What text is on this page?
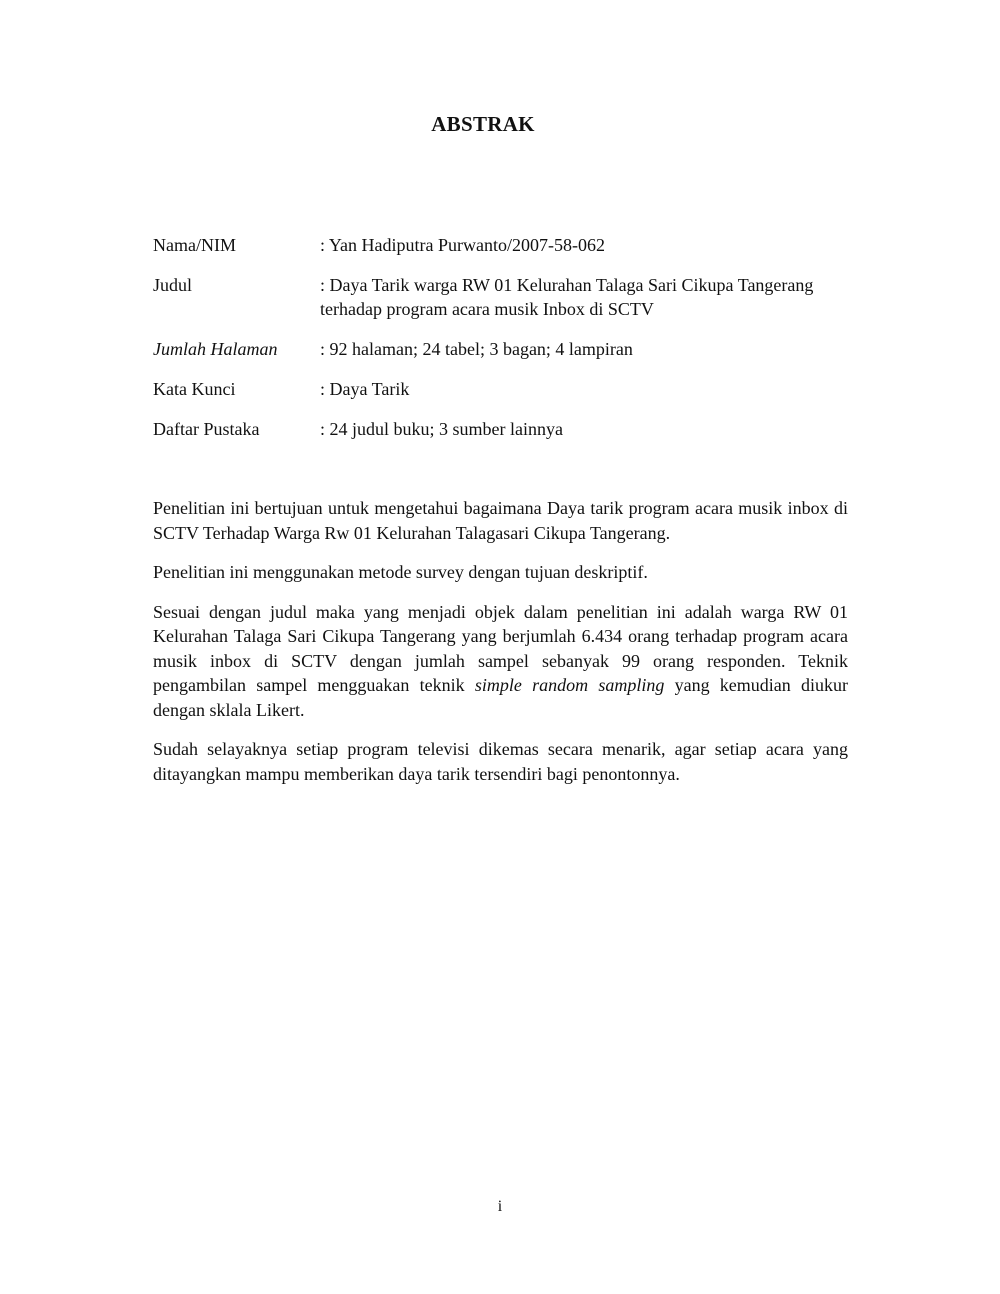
ABSTRAK
Nama/NIM	: Yan Hadiputra Purwanto/2007-58-062
Judul	: Daya Tarik warga RW 01 Kelurahan Talaga Sari Cikupa Tangerang terhadap program acara musik Inbox di SCTV
Jumlah Halaman	: 92 halaman; 24 tabel; 3 bagan; 4 lampiran
Kata Kunci	: Daya Tarik
Daftar Pustaka	: 24 judul buku; 3 sumber lainnya

Penelitian ini bertujuan untuk mengetahui bagaimana Daya tarik program acara musik inbox di SCTV Terhadap Warga Rw 01 Kelurahan Talagasari Cikupa Tangerang.

Penelitian ini menggunakan metode survey dengan tujuan deskriptif.

Sesuai dengan judul maka yang menjadi objek dalam penelitian ini adalah warga RW 01 Kelurahan Talaga Sari Cikupa Tangerang yang berjumlah 6.434 orang terhadap program acara musik inbox di SCTV dengan jumlah sampel sebanyak 99 orang responden. Teknik pengambilan sampel mengguakan teknik simple random sampling yang kemudian diukur dengan sklala Likert.

Sudah selayaknya setiap program televisi dikemas secara menarik, agar setiap acara yang ditayangkan mampu memberikan daya tarik tersendiri bagi penontonnya.

i
